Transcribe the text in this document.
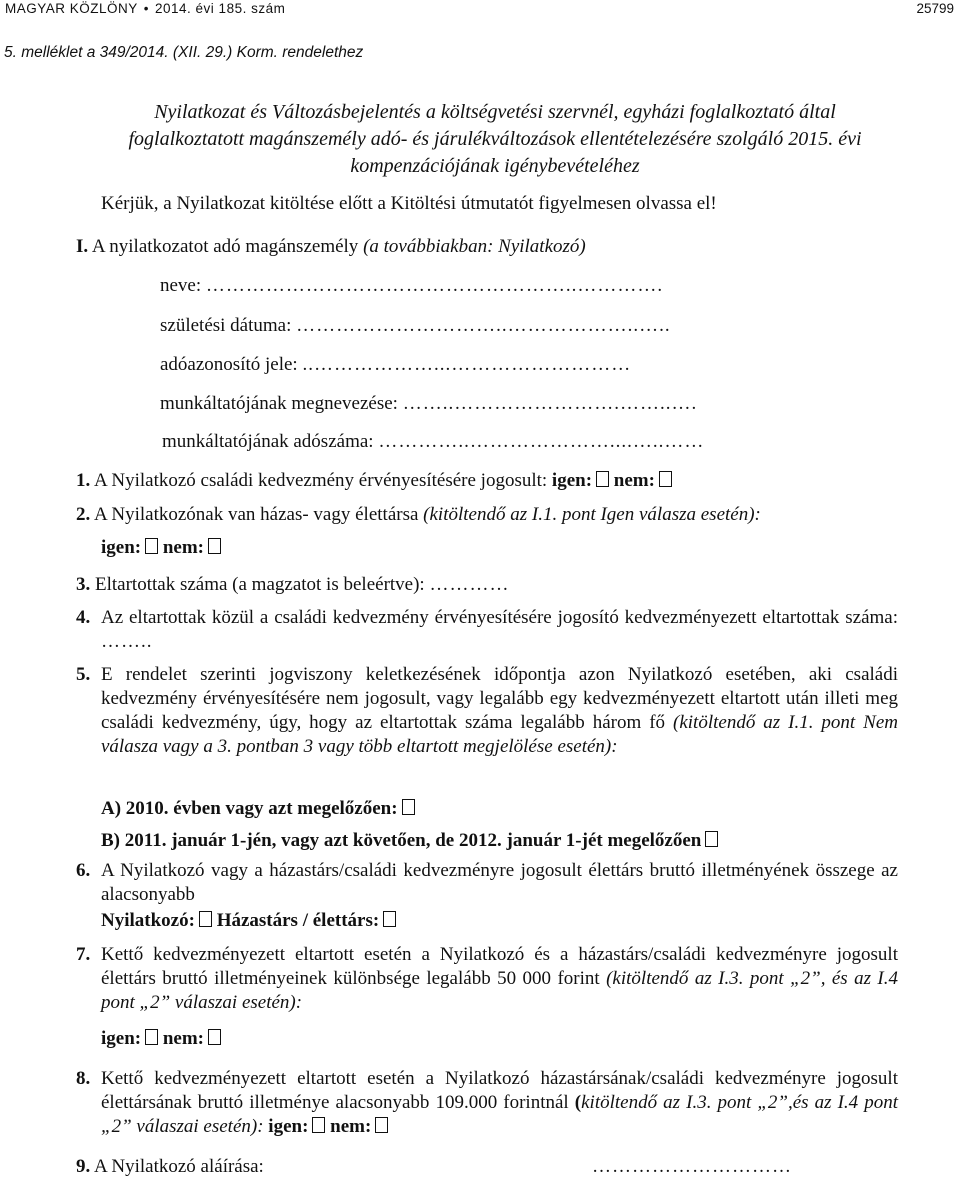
MAGYAR KÖZLÖNY • 2014. évi 185. szám	25799
5. melléklet a 349/2014. (XII. 29.) Korm. rendelethez
Nyilatkozat és Változásbejelentés a költségvetési szervnél, egyházi foglalkoztató által foglalkoztatott magánszemély adó- és járulékváltozások ellentételezésére szolgáló 2015. évi kompenzációjának igénybevételéhez
Kérjük, a Nyilatkozat kitöltése előtt a Kitöltési útmutatót figyelmesen olvassa el!
I. A nyilatkozatot adó magánszemély (a továbbiakban: Nyilatkozó)
neve: ………………………………………………..………….
születési dátuma: …………………………..………………..…..
adóazonosító jele: ..………………...………………………
munkáltatójának megnevezése: ……..…………………….……..….
munkáltatójának adószáma: …………..…………………....…..……
1. A Nyilatkozó családi kedvezmény érvényesítésére jogosult: igen: nem:
2. A Nyilatkozónak van házas- vagy élettársa (kitöltendő az I.1. pont Igen válasza esetén):
igen: nem:
3. Eltartottak száma (a magzatot is beleértve): …………
4. Az eltartottak közül a családi kedvezmény érvényesítésére jogosító kedvezményezett eltartottak száma: ……..
5. E rendelet szerinti jogviszony keletkezésének időpontja azon Nyilatkozó esetében, aki családi kedvezmény érvényesítésére nem jogosult, vagy legalább egy kedvezményezett eltartott után illeti meg családi kedvezmény, úgy, hogy az eltartottak száma legalább három fő (kitöltendő az I.1. pont Nem válasza vagy a 3. pontban 3 vagy több eltartott megjelölése esetén):
A) 2010. évben vagy azt megelőzően:
B) 2011. január 1-jén, vagy azt követően, de 2012. január 1-jét megelőzően
6. A Nyilatkozó vagy a házastárs/családi kedvezményre jogosult élettárs bruttó illetményének összege az alacsonyabb
Nyilatkozó: Házastárs / élettárs:
7. Kettő kedvezményezett eltartott esetén a Nyilatkozó és a házastárs/családi kedvezményre jogosult élettárs bruttó illetményeinek különbsége legalább 50 000 forint (kitöltendő az I.3. pont „2”, és az I.4 pont „2” válaszai esetén):
igen: nem:
8. Kettő kedvezményezett eltartott esetén a Nyilatkozó házastársának/családi kedvezményre jogosult élettársának bruttó illetménye alacsonyabb 109.000 forintnál (kitöltendő az I.3. pont „2”,és az I.4 pont „2” válaszai esetén): igen: nem:
9. A Nyilatkozó aláírása:	…………………………
